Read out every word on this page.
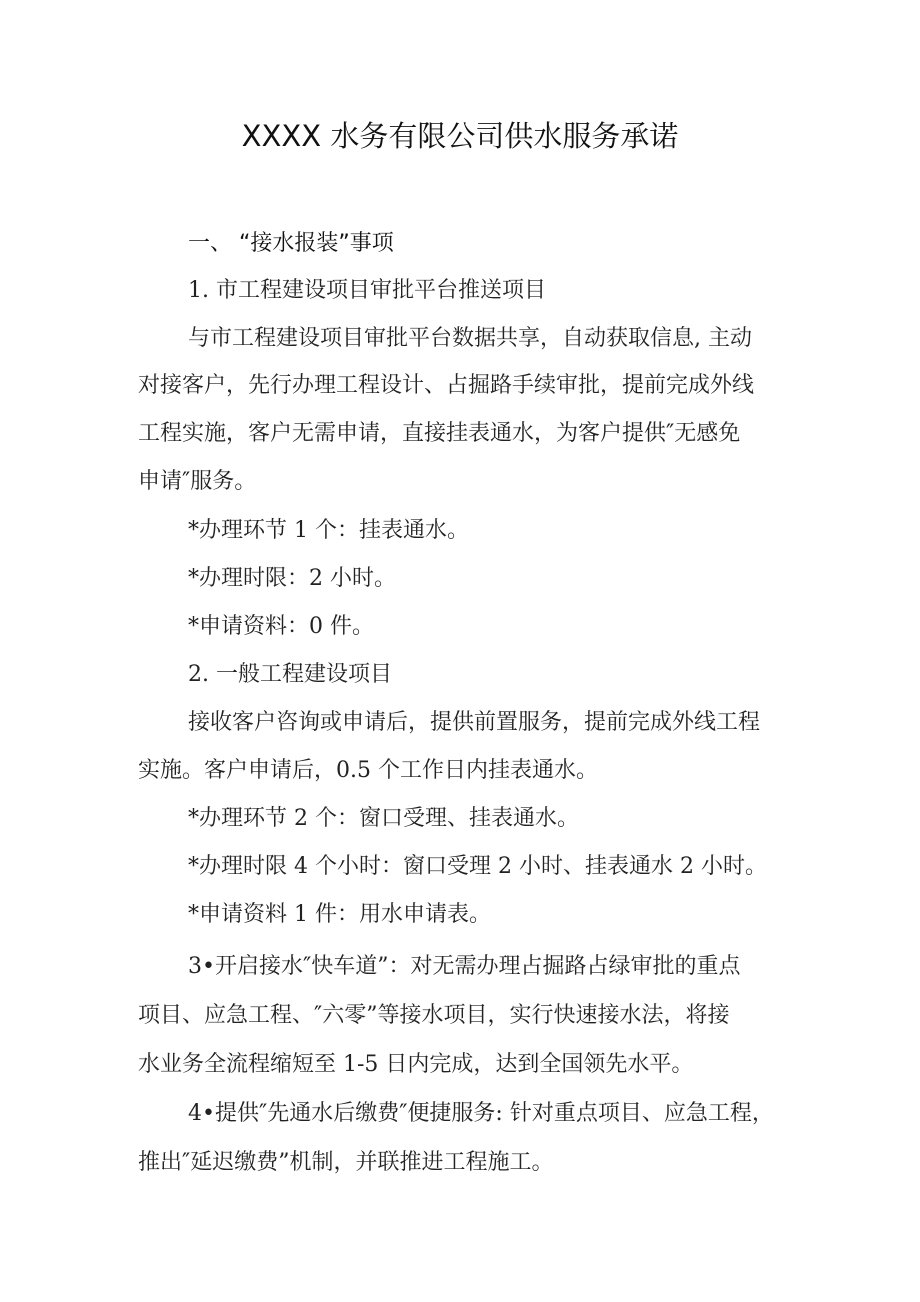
XXXX 水务有限公司供水服务承诺
一、 “接水报装”事项
1. 市工程建设项目审批平台推送项目
与市工程建设项目审批平台数据共享，自动获取信息, 主动
对接客户，先行办理工程设计、占掘路手续审批，提前完成外线
工程实施，客户无需申请，直接挂表通水，为客户提供″无感免
申请″服务。
*办理环节 1 个：挂表通水。
*办理时限：2 小时。
*申请资料：0 件。
2. 一般工程建设项目
接收客户咨询或申请后，提供前置服务，提前完成外线工程
实施。客户申请后，0.5 个工作日内挂表通水。
*办理环节 2 个：窗口受理、挂表通水。
*办理时限 4 个小时：窗口受理 2 小时、挂表通水 2 小时。
*申请资料 1 件：用水申请表。
3•开启接水″快车道”：对无需办理占掘路占绿审批的重点
项目、应急工程、″六零”等接水项目，实行快速接水法，将接
水业务全流程缩短至 1-5 日内完成，达到全国领先水平。
4•提供″先通水后缴费″便捷服务: 针对重点项目、应急工程，
推出″延迟缴费”机制，并联推进工程施工。
